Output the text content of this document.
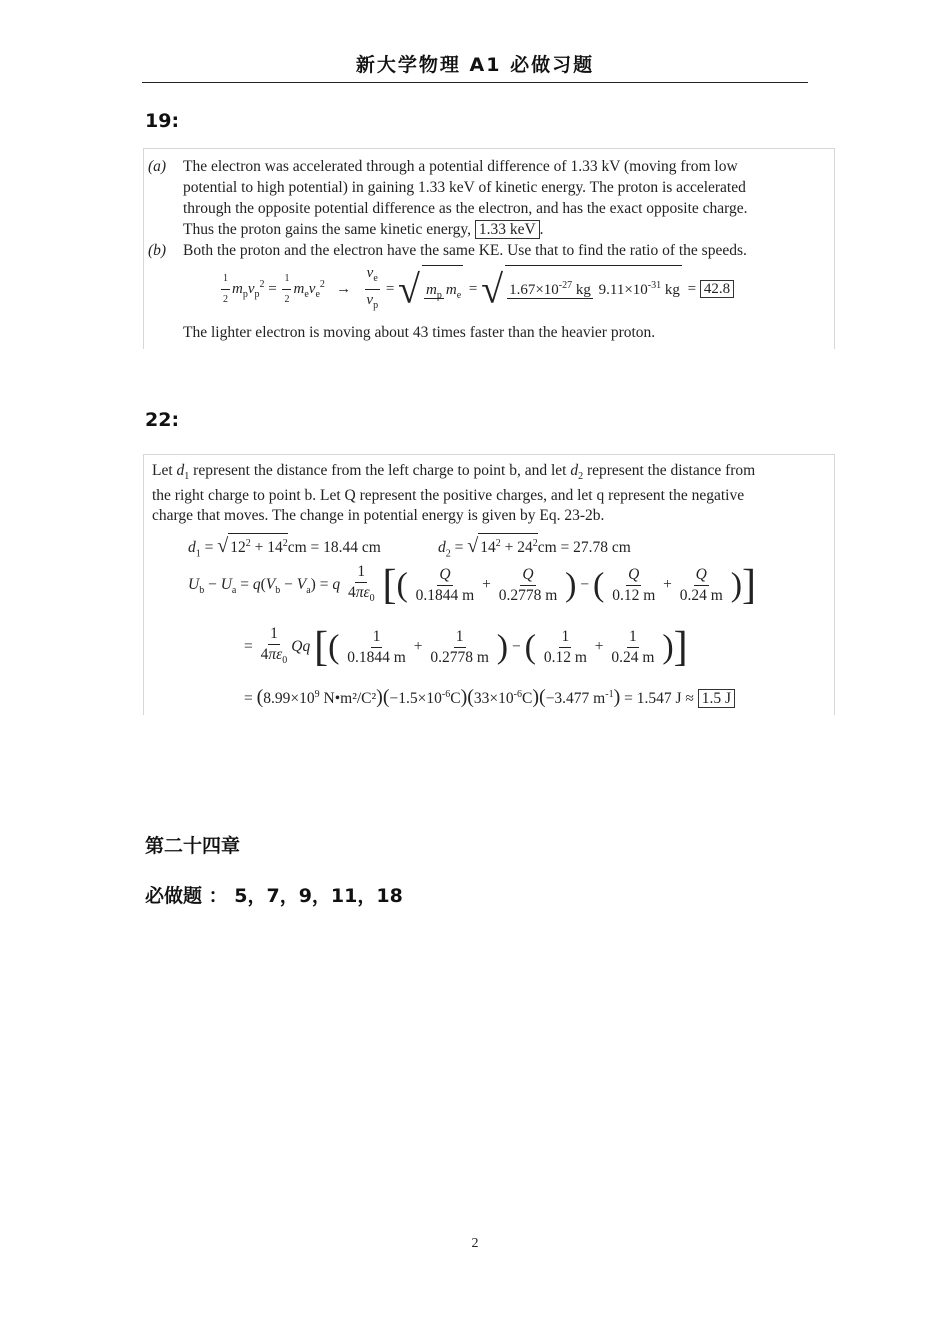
新大学物理 A1 必做习题
19:
(a) The electron was accelerated through a potential difference of 1.33 kV (moving from low
potential to high potential) in gaining 1.33 keV of kinetic energy. The proton is accelerated
through the opposite potential difference as the electron, and has the exact opposite charge.
Thus the proton gains the same kinetic energy, 1.33 keV .
(b) Both the proton and the electron have the same KE. Use that to find the ratio of the speeds.
$\frac{1}{2} m_pv_p^2 = \frac{1}{2} m_ev_e^2 \to \frac{v_e}{v_p}$ = √ $m_p$ $m_e$ = √ $1.67\times 10^{-27}$ kg $9.11\times 10^{-31}$ kg = 42.8
The lighter electron is moving about 43 times faster than the heavier proton.
22:
Let $d_1$ represent the distance from the left charge to point b, and let $d_2$ represent the distance from
the right charge to point b. Let Q represent the positive charges, and let q represent the negative
charge that moves. The change in potential energy is given by Eq. 23-2b.
$d_1$ = √ $12^2 + 14^2cm = 18.44$ cm	$d_2$ = √ $14^2 + 24^2cm = 27.78$ cm
$U_b - U_a = q(V_b - V_a) = q \frac{1}{4\pi\varepsilon_0}$ [( $\frac{Q}{0.1844 m} + \frac{Q}{0.2778 m}$ ) − ( $\frac{Q}{0.12 m} + \frac{Q}{0.24 m}$ )]
= $\frac{1}{4\pi\varepsilon_0}$ Qq [( $\frac{1}{0.1844 m} + \frac{1}{0.2778 m}$ ) − ( $\frac{1}{0.12 m} + \frac{1}{0.24 m}$ )]
= ($8.99\times 10^9$ $N•m^2/C^2)(-1.5\times 10^{-6}C)(33\times 10^{-6}C)(-3.477$ $m^{-1}) = 1.547$ J ≈ 1.5 J
第二十四章
必做题 ： 5，7，9，11，18
2
